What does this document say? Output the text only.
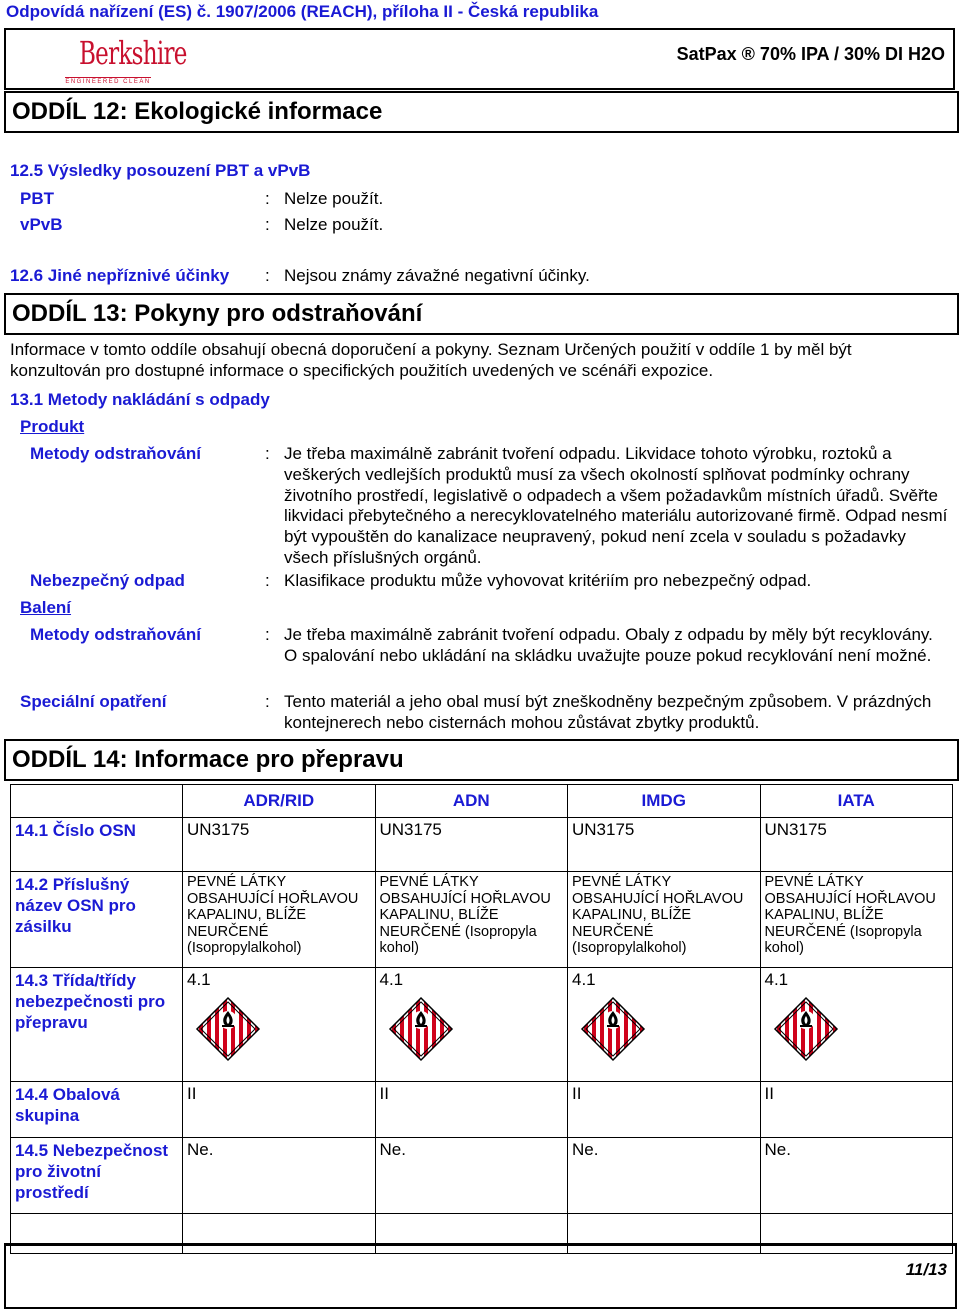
Odpovídá nařízení (ES) č. 1907/2006 (REACH), příloha II - Česká republika
Berkshire
ENGINEERED CLEAN
SatPax ® 70% IPA / 30% DI H2O
ODDÍL 12: Ekologické informace
12.5 Výsledky posouzení PBT a vPvB
PBT	: Nelze použít.
vPvB	: Nelze použít.
12.6 Jiné nepříznivé účinky : Nejsou známy závažné negativní účinky.
ODDÍL 13: Pokyny pro odstraňování
Informace v tomto oddíle obsahují obecná doporučení a pokyny. Seznam Určených použití v oddíle 1 by měl být konzultován pro dostupné informace o specifických použitích uvedených ve scénáři expozice.
13.1 Metody nakládání s odpady
Produkt
Metody odstraňování	: Je třeba maximálně zabránit tvoření odpadu. Likvidace tohoto výrobku, roztoků a veškerých vedlejších produktů musí za všech okolností splňovat podmínky ochrany životního prostředí, legislativě o odpadech a všem požadavkům místních úřadů. Svěřte likvidaci přebytečného a nerecyklovatelného materiálu autorizované firmě. Odpad nesmí být vypouštěn do kanalizace neupravený, pokud není zcela v souladu s požadavky všech příslušných orgánů.
Nebezpečný odpad	: Klasifikace produktu může vyhovovat kritériím pro nebezpečný odpad.
Balení
Metody odstraňování	: Je třeba maximálně zabránit tvoření odpadu. Obaly z odpadu by měly být recyklovány. O spalování nebo ukládání na skládku uvažujte pouze pokud recyklování není možné.
Speciální opatření	: Tento materiál a jeho obal musí být zneškodněny bezpečným způsobem. V prázdných kontejnerech nebo cisternách mohou zůstávat zbytky produktů.
ODDÍL 14: Informace pro přepravu
	ADR/RID	ADN	IMDG	IATA
14.1 Číslo OSN	UN3175	UN3175	UN3175	UN3175
14.2 Příslušný název OSN pro zásilku	PEVNÉ LÁTKY OBSAHUJÍCÍ HOŘLAVOU KAPALINU, BLÍŽE NEURČENÉ (Isopropylalkohol)	PEVNÉ LÁTKY OBSAHUJÍCÍ HOŘLAVOU KAPALINU, BLÍŽE NEURČENÉ (Isopropyla kohol)	PEVNÉ LÁTKY OBSAHUJÍCÍ HOŘLAVOU KAPALINU, BLÍŽE NEURČENÉ (Isopropylalkohol)	PEVNÉ LÁTKY OBSAHUJÍCÍ HOŘLAVOU KAPALINU, BLÍŽE NEURČENÉ (Isopropyla kohol)
14.3 Třída/třídy nebezpečnosti pro přepravu	4.1	4.1	4.1	4.1

14.4 Obalová skupina	II	II	II	II
14.5 Nebezpečnost pro životní prostředí	Ne.	Ne.	Ne.	Ne.

11/13
